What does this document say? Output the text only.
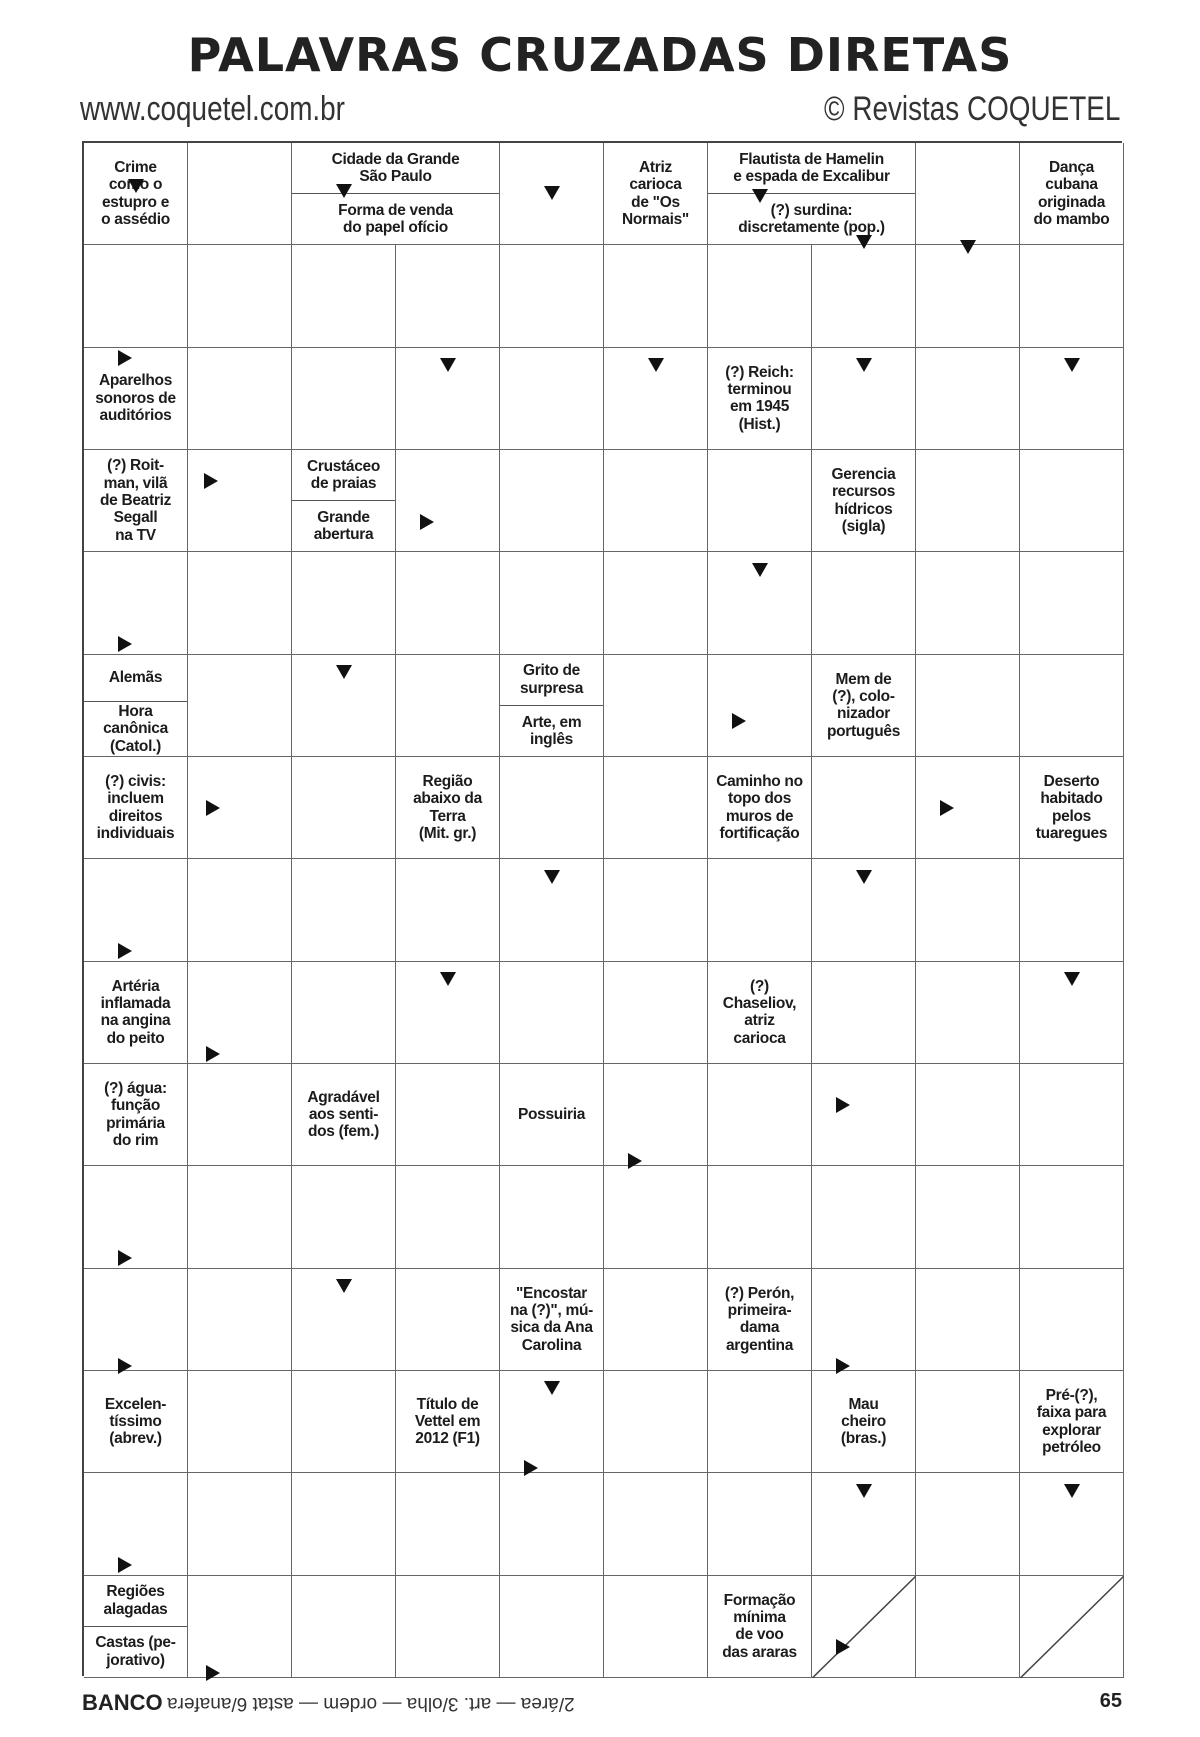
PALAVRAS CRUZADAS DIRETAS
www.coquetel.com.br	© Revistas COQUETEL
Crime
como o
estupro e
o assédio
Cidade da Grande
São Paulo
Forma de venda
do papel ofício
Atriz
carioca
de "Os
Normais"
Flautista de Hamelin
e espada de Excalibur
(?) surdina:
discretamente (pop.)
Dança
cubana
originada
do mambo
Aparelhos
sonoros de
auditórios
(?) Reich:
terminou
em 1945
(Hist.)
(?) Roit-
man, vilã
de Beatriz
Segall
na TV
Crustáceo
de praias
Grande
abertura
Gerencia
recursos
hídricos
(sigla)
Alemãs
Hora
canônica
(Catol.)
Grito de
surpresa
Arte, em
inglês
Mem de
(?), colo-
nizador
português
(?) civis:
incluem
direitos
individuais
Região
abaixo da
Terra
(Mit. gr.)
Caminho no
topo dos
muros de
fortificação
Deserto
habitado
pelos
tuaregues
Artéria
inflamada
na angina
do peito
(?)
Chaseliov,
atriz
carioca
(?) água:
função
primária
do rim
Agradável
aos senti-
dos (fem.)
Possuiria
"Encostar
na (?)", mú-
sica da Ana
Carolina
(?) Perón,
primeira-
dama
argentina
Excelen-
tíssimo
(abrev.)
Título de
Vettel em
2012 (F1)
Mau
cheiro
(bras.)
Pré-(?),
faixa para
explorar
petróleo
Regiões
alagadas
Castas (pe-
jorativo)
Formação
mínima
de voo
das araras
BANCO 2/área — art. 3/olha — ordem — astat 6/anafera	65
